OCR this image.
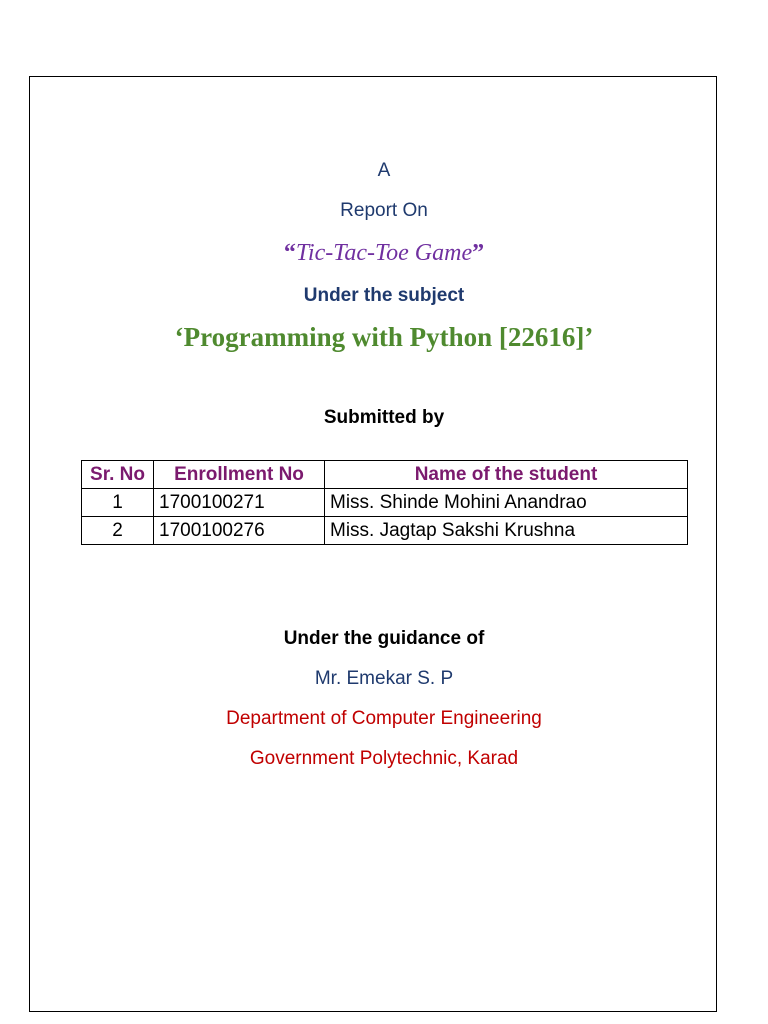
A
Report On
“Tic-Tac-Toe Game”
Under the subject
‘Programming with Python [22616]’
Submitted by
Sr. No	Enrollment No	Name of the student
1	1700100271	Miss. Shinde Mohini Anandrao
2	1700100276	Miss. Jagtap Sakshi Krushna
Under the guidance of
Mr. Emekar S. P
Department of Computer Engineering
Government Polytechnic, Karad
